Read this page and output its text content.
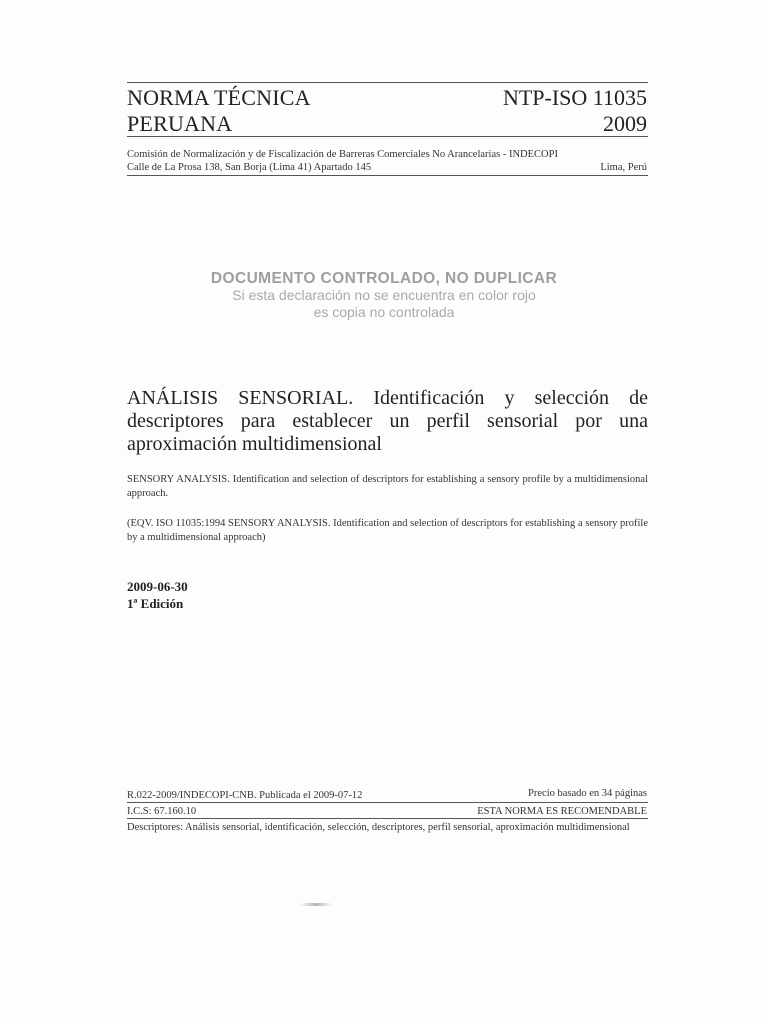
NORMA TÉCNICA
PERUANA
NTP-ISO 11035
2009
Comisión de Normalización y de Fiscalización de Barreras Comerciales No Arancelarias - INDECOPI
Calle de La Prosa 138, San Borja (Lima 41) Apartado 145	Lima, Perú
DOCUMENTO CONTROLADO, NO DUPLICAR
Si esta declaración no se encuentra en color rojo
es copia no controlada
ANÁLISIS SENSORIAL. Identificación y selección de descriptores para establecer un perfil sensorial por una aproximación multidimensional
SENSORY ANALYSIS. Identification and selection of descriptors for establishing a sensory profile by a multidimensional approach.
(EQV. ISO 11035:1994 SENSORY ANALYSIS. Identification and selection of descriptors for establishing a sensory profile by a multidimensional approach)
2009-06-30
1ª Edición
R.022-2009/INDECOPI-CNB. Publicada el 2009-07-12	Precio basado en 34 páginas
I.C.S: 67.160.10	ESTA NORMA ES RECOMENDABLE
Descriptores: Análisis sensorial, identificación, selección, descriptores, perfil sensorial, aproximación multidimensional
